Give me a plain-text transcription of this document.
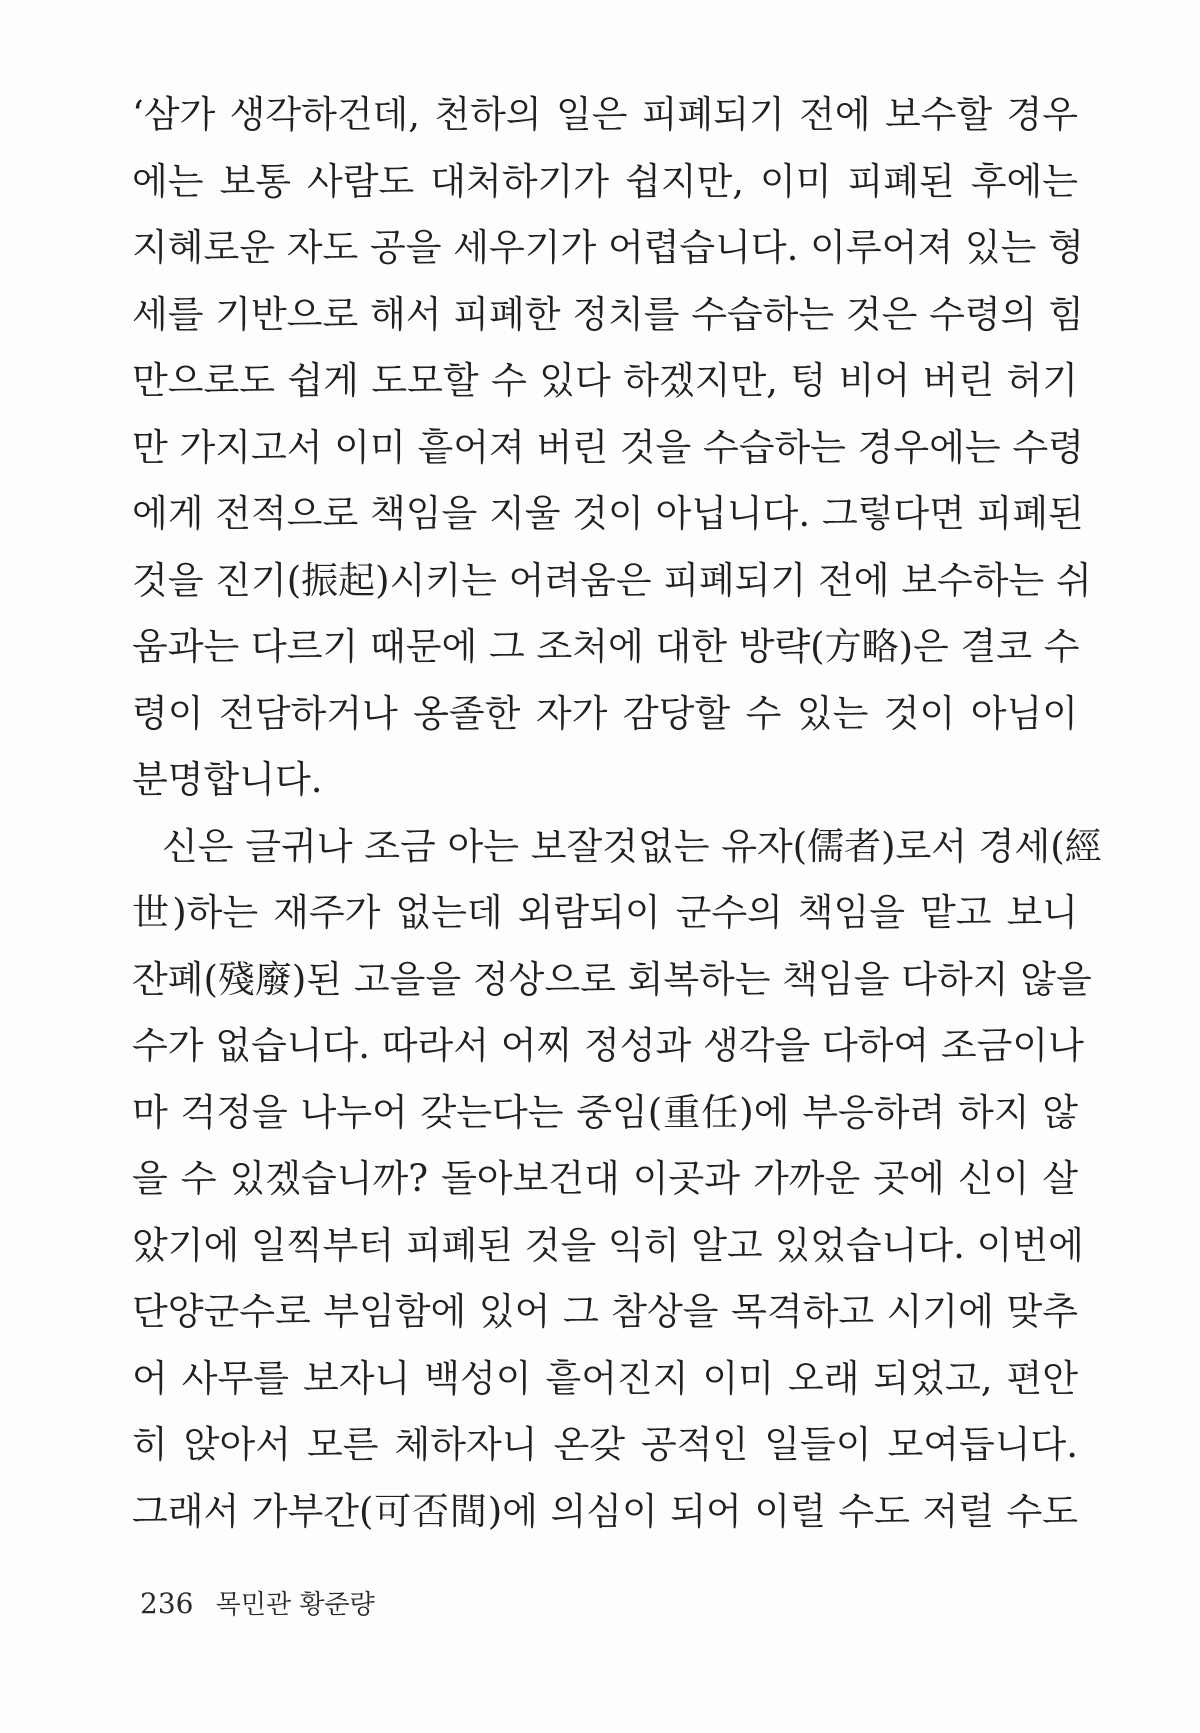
‘삼가 생각하건데, 천하의 일은 피폐되기 전에 보수할 경우
에는 보통 사람도 대처하기가 쉽지만, 이미 피폐된 후에는
지혜로운 자도 공을 세우기가 어렵습니다. 이루어져 있는 형
세를 기반으로 해서 피폐한 정치를 수습하는 것은 수령의 힘
만으로도 쉽게 도모할 수 있다 하겠지만, 텅 비어 버린 허기
만 가지고서 이미 흩어져 버린 것을 수습하는 경우에는 수령
에게 전적으로 책임을 지울 것이 아닙니다. 그렇다면 피폐된
것을 진기(振起)시키는 어려움은 피폐되기 전에 보수하는 쉬
움과는 다르기 때문에 그 조처에 대한 방략(方略)은 결코 수
령이 전담하거나 옹졸한 자가 감당할 수 있는 것이 아님이
분명합니다.
신은 글귀나 조금 아는 보잘것없는 유자(儒者)로서 경세(經
世)하는 재주가 없는데 외람되이 군수의 책임을 맡고 보니
잔폐(殘廢)된 고을을 정상으로 회복하는 책임을 다하지 않을
수가 없습니다. 따라서 어찌 정성과 생각을 다하여 조금이나
마 걱정을 나누어 갖는다는 중임(重任)에 부응하려 하지 않
을 수 있겠습니까? 돌아보건대 이곳과 가까운 곳에 신이 살
았기에 일찍부터 피폐된 것을 익히 알고 있었습니다. 이번에
단양군수로 부임함에 있어 그 참상을 목격하고 시기에 맞추
어 사무를 보자니 백성이 흩어진지 이미 오래 되었고, 편안
히 앉아서 모른 체하자니 온갖 공적인 일들이 모여듭니다.
그래서 가부간(可否間)에 의심이 되어 이럴 수도 저럴 수도
236 목민관 황준량
